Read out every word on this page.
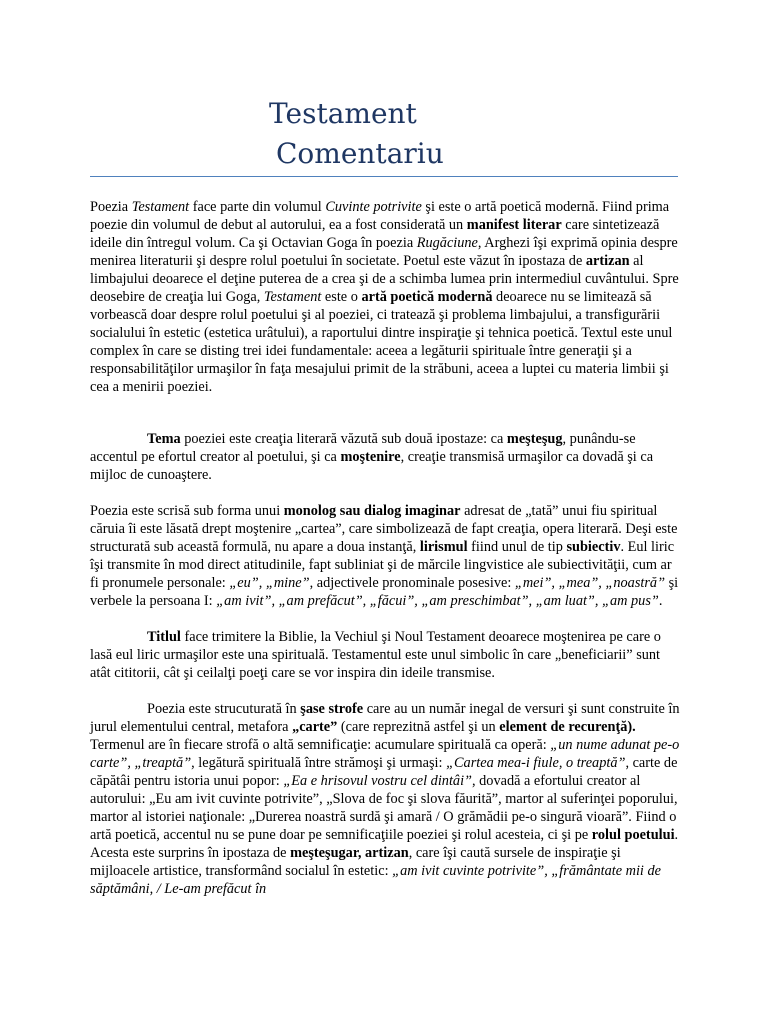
Testament
Comentariu

Poezia Testament face parte din volumul Cuvinte potrivite şi este o artă poetică modernă. Fiind prima poezie din volumul de debut al autorului, ea a fost considerată un manifest literar care sintetizează ideile din întregul volum. Ca şi Octavian Goga în poezia Rugăciune, Arghezi îşi exprimă opinia despre menirea literaturii şi despre rolul poetului în societate. Poetul este văzut în ipostaza de artizan al limbajului deoarece el deţine puterea de a crea şi de a schimba lumea prin intermediul cuvântului. Spre deosebire de creaţia lui Goga, Testament este o artă poetică modernă deoarece nu se limitează să vorbească doar despre rolul poetului şi al poeziei, ci tratează şi problema limbajului, a transfigurării socialului în estetic (estetica urâtului), a raportului dintre inspiraţie şi tehnica poetică. Textul este unul complex în care se disting trei idei fundamentale: aceea a legăturii spirituale între generaţii şi a responsabilităţilor urmaşilor în faţa mesajului primit de la străbuni, aceea a luptei cu materia limbii şi cea a menirii poeziei.

Tema poeziei este creaţia literară văzută sub două ipostaze: ca meşteşug, punându-se accentul pe efortul creator al poetului, şi ca moştenire, creaţie transmisă urmaşilor ca dovadă şi ca mijloc de cunoaştere.

Poezia este scrisă sub forma unui monolog sau dialog imaginar adresat de „tată” unui fiu spiritual căruia îi este lăsată drept moştenire „cartea”, care simbolizează de fapt creaţia, opera literară. Deşi este structurată sub această formulă, nu apare a doua instanţă, lirismul fiind unul de tip subiectiv. Eul liric îşi transmite în mod direct atitudinile, fapt subliniat şi de mărcile lingvistice ale subiectivităţii, cum ar fi pronumele personale: „eu”, „mine”, adjectivele pronominale posesive: „mei”, „mea”, „noastră” şi verbele la persoana I: „am ivit”, „am prefăcut”, „făcui”, „am preschimbat”, „am luat”, „am pus”.

Titlul face trimitere la Biblie, la Vechiul şi Noul Testament deoarece moştenirea pe care o lasă eul liric urmaşilor este una spirituală. Testamentul este unul simbolic în care „beneficiarii” sunt atât cititorii, cât şi ceilalţi poeţi care se vor inspira din ideile transmise.

Poezia este strucuturată în şase strofe care au un număr inegal de versuri şi sunt construite în jurul elementului central, metafora „carte” (care reprezitnă astfel şi un element de recurenţă). Termenul are în fiecare strofă o altă semnificaţie: acumulare spirituală ca operă: „un nume adunat pe-o carte”, „treaptă”, legătură spirituală între strămoşi şi urmaşi: „Cartea mea-i fiule, o treaptă”, carte de căpătâi pentru istoria unui popor: „Ea e hrisovul vostru cel dintâi”, dovadă a efortului creator al autorului: „Eu am ivit cuvinte potrivite”, „Slova de foc şi slova făurită”, martor al suferinţei poporului, martor al istoriei naţionale: „Durerea noastră surdă şi amară / O grămădii pe-o singură vioară”. Fiind o artă poetică, accentul nu se pune doar pe semnificaţiile poeziei şi rolul acesteia, ci şi pe rolul poetului. Acesta este surprins în ipostaza de meşteşugar, artizan, care îşi caută sursele de inspiraţie şi mijloacele artistice, transformând socialul în estetic: „am ivit cuvinte potrivite”, „frământate mii de săptămâni, / Le-am prefăcut în
